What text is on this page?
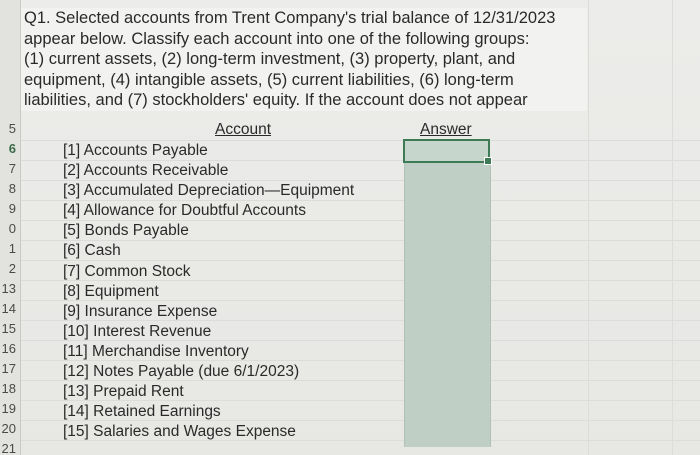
5
6
7
8
9
0
1
2
13
14
15
16
17
18
19
20
21
Q1. Selected accounts from Trent Company's trial balance of 12/31/2023
appear below. Classify each account into one of the following groups:
(1) current assets, (2) long-term investment, (3) property, plant, and
equipment, (4) intangible assets, (5) current liabilities, (6) long-term
liabilities, and (7) stockholders' equity. If the account does not appear
Account	Answer
[1] Accounts Payable
[2] Accounts Receivable
[3] Accumulated Depreciation—Equipment
[4] Allowance for Doubtful Accounts
[5] Bonds Payable
[6] Cash
[7] Common Stock
[8] Equipment
[9] Insurance Expense
[10] Interest Revenue
[11] Merchandise Inventory
[12] Notes Payable (due 6/1/2023)
[13] Prepaid Rent
[14] Retained Earnings
[15] Salaries and Wages Expense
